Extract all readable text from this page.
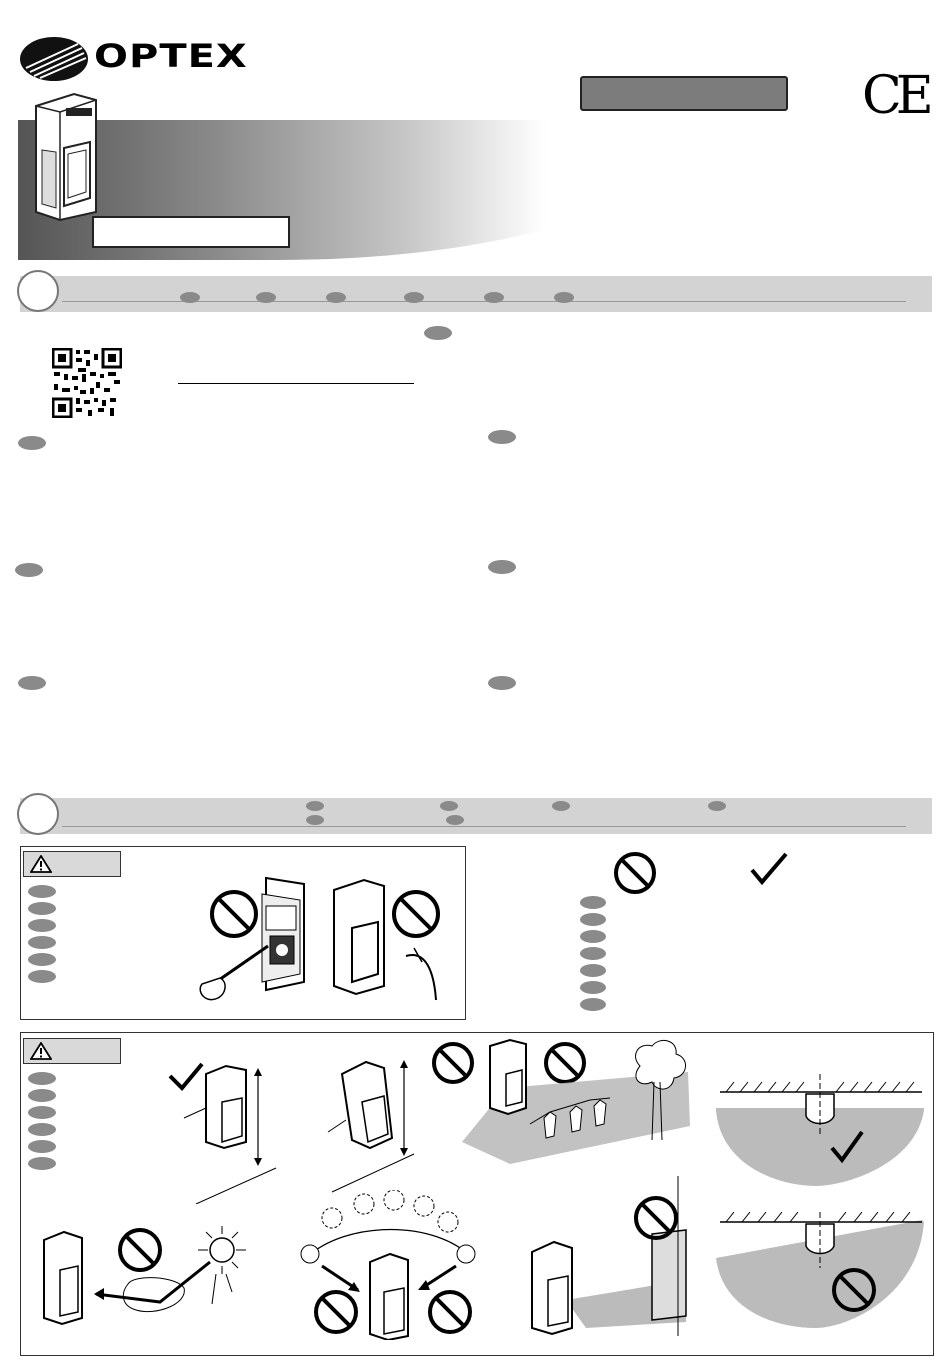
OPTEX
CE
